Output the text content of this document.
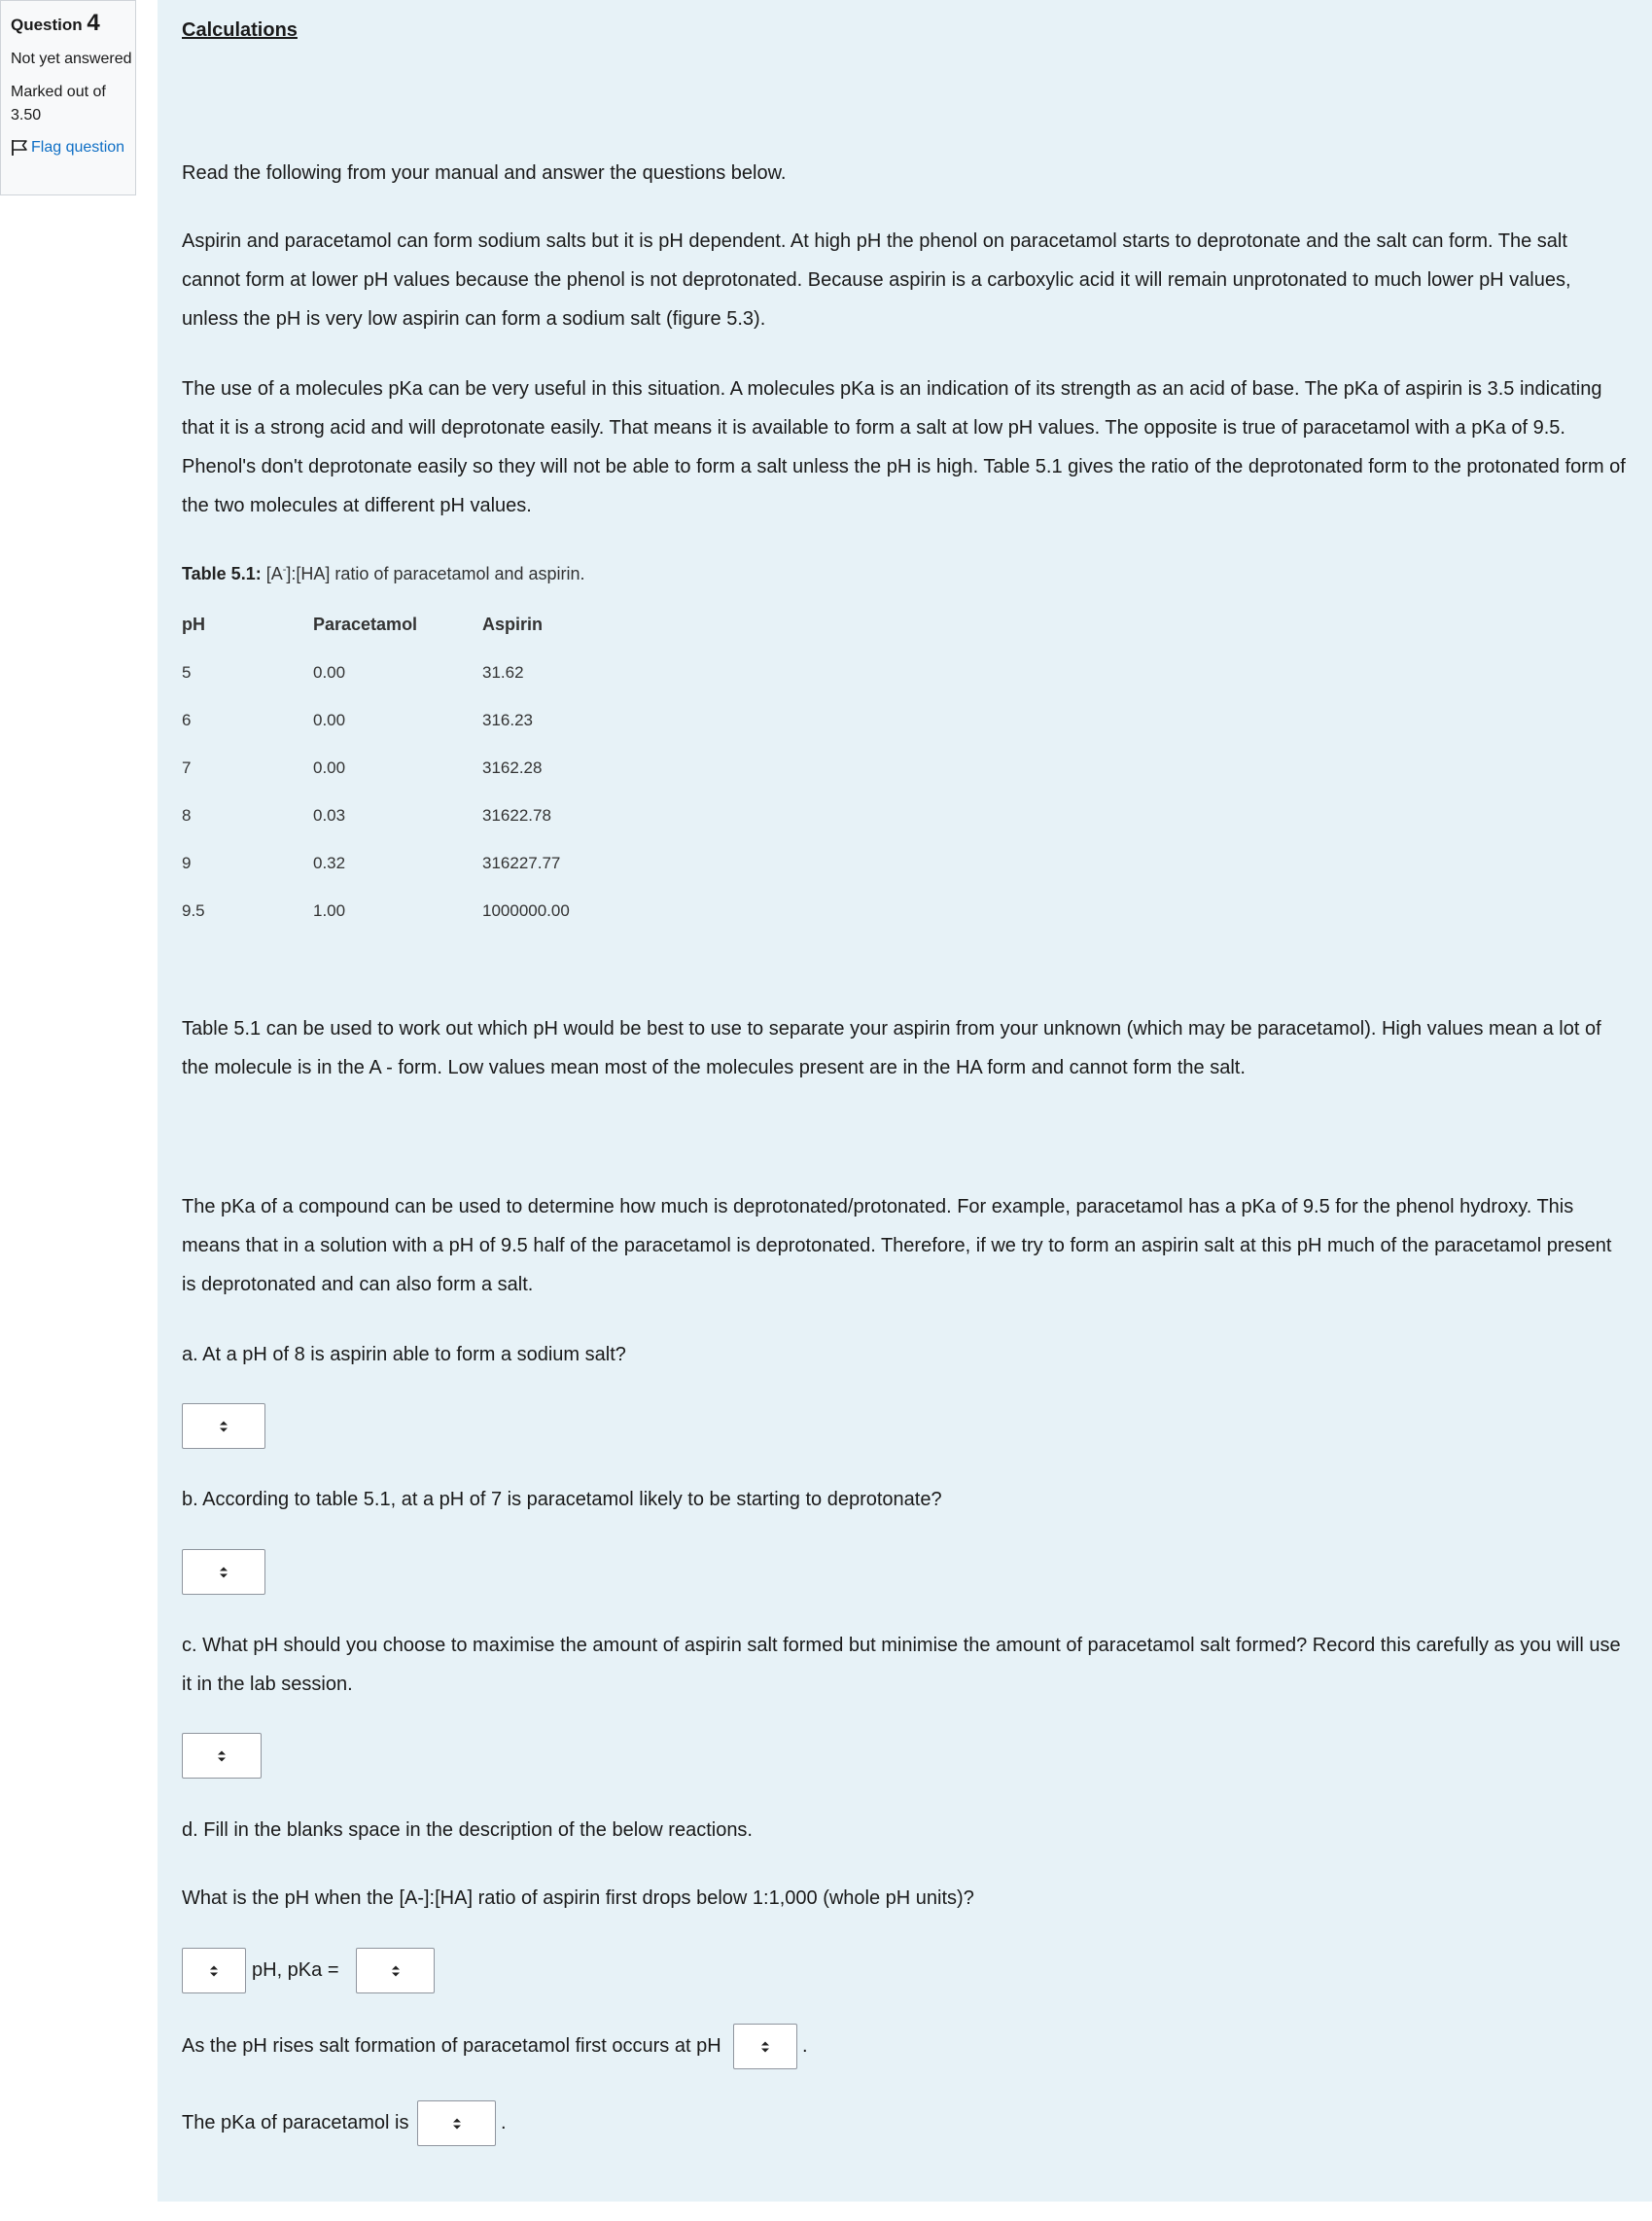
Question 4

Not yet answered
Marked out of 3.50
Flag question

Calculations

Read the following from your manual and answer the questions below.

Aspirin and paracetamol can form sodium salts but it is pH dependent. At high pH the phenol on paracetamol starts to deprotonate and the salt can form. The salt cannot form at lower pH values because the phenol is not deprotonated. Because aspirin is a carboxylic acid it will remain unprotonated to much lower pH values, unless the pH is very low aspirin can form a sodium salt (figure 5.3).

The use of a molecules pKa can be very useful in this situation. A molecules pKa is an indication of its strength as an acid of base. The pKa of aspirin is 3.5 indicating that it is a strong acid and will deprotonate easily. That means it is available to form a salt at low pH values. The opposite is true of paracetamol with a pKa of 9.5. Phenol's don't deprotonate easily so they will not be able to form a salt unless the pH is high. Table 5.1 gives the ratio of the deprotonated form to the protonated form of the two molecules at different pH values.

Table 5.1: [A-]:[HA] ratio of paracetamol and aspirin.
pH	Paracetamol	Aspirin
5	0.00	31.62
6	0.00	316.23
7	0.00	3162.28
8	0.03	31622.78
9	0.32	316227.77
9.5	1.00	1000000.00

Table 5.1 can be used to work out which pH would be best to use to separate your aspirin from your unknown (which may be paracetamol). High values mean a lot of the molecule is in the A - form. Low values mean most of the molecules present are in the HA form and cannot form the salt.

The pKa of a compound can be used to determine how much is deprotonated/protonated. For example, paracetamol has a pKa of 9.5 for the phenol hydroxy. This means that in a solution with a pH of 9.5 half of the paracetamol is deprotonated. Therefore, if we try to form an aspirin salt at this pH much of the paracetamol present is deprotonated and can also form a salt.

a. At a pH of 8 is aspirin able to form a sodium salt?

b. According to table 5.1, at a pH of 7 is paracetamol likely to be starting to deprotonate?

c. What pH should you choose to maximise the amount of aspirin salt formed but minimise the amount of paracetamol salt formed? Record this carefully as you will use it in the lab session.

d. Fill in the blanks space in the description of the below reactions.

What is the pH when the [A-]:[HA] ratio of aspirin first drops below 1:1,000 (whole pH units)?

pH, pKa =

As the pH rises salt formation of paracetamol first occurs at pH	.

The pKa of paracetamol is	.
